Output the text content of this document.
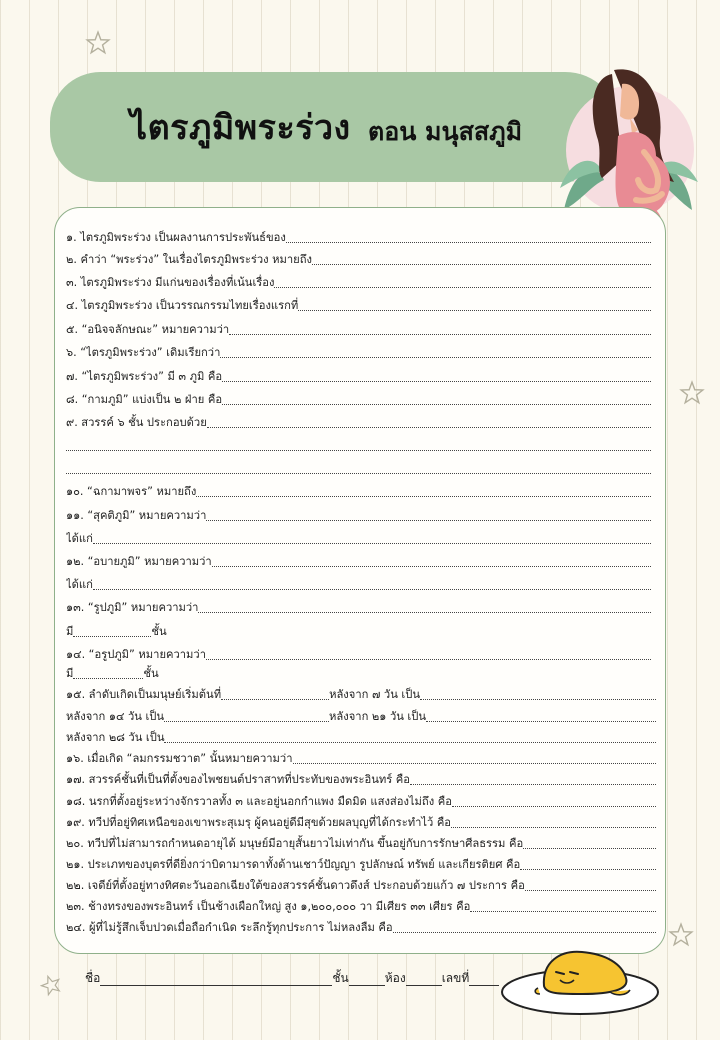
ไตรภูมิพระร่วง ตอน มนุสสภูมิ
๑. ไตรภูมิพระร่วง เป็นผลงานการประพันธ์ของ
๒. คำว่า “พระร่วง” ในเรื่องไตรภูมิพระร่วง หมายถึง
๓. ไตรภูมิพระร่วง มีแก่นของเรื่องที่เน้นเรื่อง
๔. ไตรภูมิพระร่วง เป็นวรรณกรรมไทยเรื่องแรกที่
๕. “อนิจจลักษณะ” หมายความว่า
๖. “ไตรภูมิพระร่วง” เดิมเรียกว่า
๗. “ไตรภูมิพระร่วง” มี ๓ ภูมิ คือ
๘. “กามภูมิ” แบ่งเป็น ๒ ฝ่าย คือ
๙. สวรรค์ ๖ ชั้น ประกอบด้วย
๑๐. “ฉกามาพจร” หมายถึง
๑๑. “สุคติภูมิ” หมายความว่า
ได้แก่
๑๒. “อบายภูมิ” หมายความว่า
ได้แก่
๑๓. “รูปภูมิ” หมายความว่า
มี	ชั้น
๑๔. “อรูปภูมิ” หมายความว่า
มี	ชั้น
๑๕. ลำดับเกิดเป็นมนุษย์เริ่มต้นที่	หลังจาก ๗ วัน เป็น
หลังจาก ๑๔ วัน เป็น	หลังจาก ๒๑ วัน เป็น
หลังจาก ๒๘ วัน เป็น
๑๖. เมื่อเกิด “ลมกรรมชวาต” นั้นหมายความว่า
๑๗. สวรรค์ชั้นที่เป็นที่ตั้งของไพชยนต์ปราสาทที่ประทับของพระอินทร์ คือ
๑๘. นรกที่ตั้งอยู่ระหว่างจักรวาลทั้ง ๓ และอยู่นอกกำแพง มืดมิด แสงส่องไม่ถึง คือ
๑๙. ทวีปที่อยู่ทิศเหนือของเขาพระสุเมรุ ผู้คนอยู่ดีมีสุขด้วยผลบุญที่ได้กระทำไว้ คือ
๒๐. ทวีปที่ไม่สามารถกำหนดอายุได้ มนุษย์มีอายุสั้นยาวไม่เท่ากัน ขึ้นอยู่กับการรักษาศีลธรรม คือ
๒๑. ประเภทของบุตรที่ดียิ่งกว่าบิดามารดาทั้งด้านเชาว์ปัญญา รูปลักษณ์ ทรัพย์ และเกียรติยศ คือ
๒๒. เจดีย์ที่ตั้งอยู่ทางทิศตะวันออกเฉียงใต้ของสวรรค์ชั้นดาวดึงส์ ประกอบด้วยแก้ว ๗ ประการ คือ
๒๓. ช้างทรงของพระอินทร์ เป็นช้างเผือกใหญ่ สูง ๑,๒๐๐,๐๐๐ วา มีเศียร ๓๓ เศียร คือ
๒๔. ผู้ที่ไม่รู้สึกเจ็บปวดเมื่อถือกำเนิด ระลึกรู้ทุกประการ ไม่หลงลืม คือ
ชื่อ	ชั้น	ห้อง	เลขที่
